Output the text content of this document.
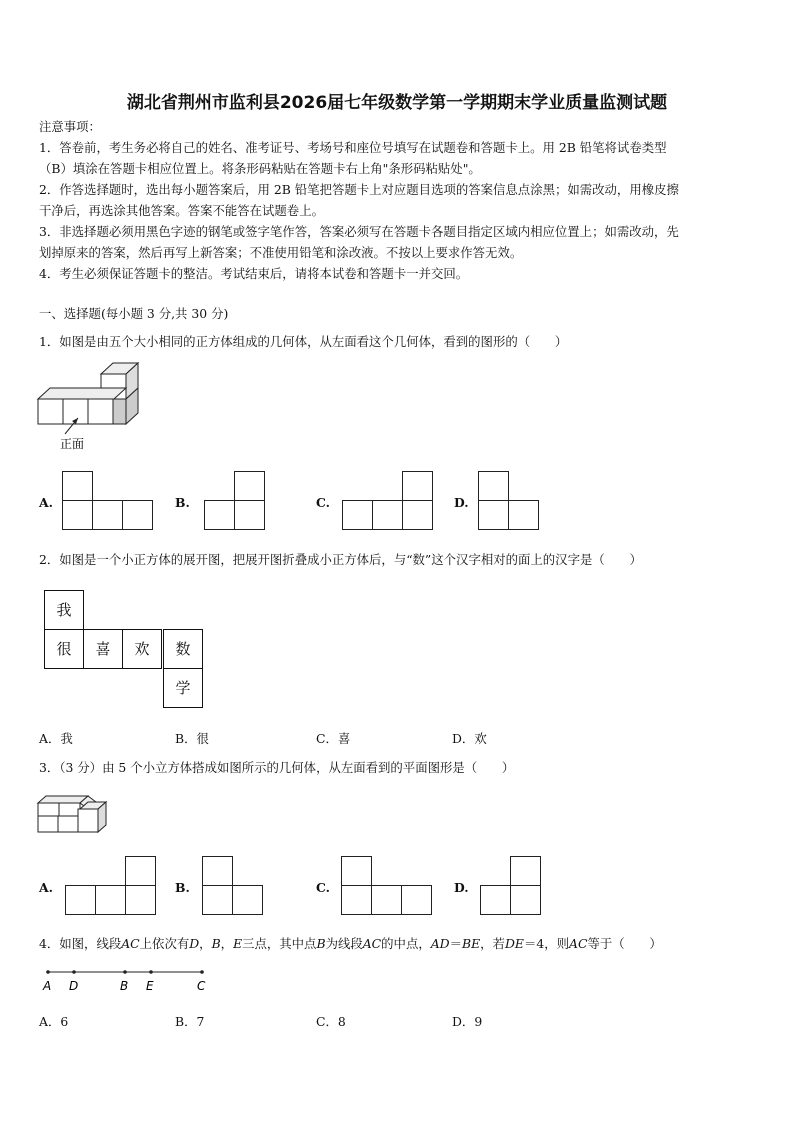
湖北省荆州市监利县2026届七年级数学第一学期期末学业质量监测试题
注意事项：
1．答卷前，考生务必将自己的姓名、准考证号、考场号和座位号填写在试题卷和答题卡上。用 2B 铅笔将试卷类型
（B）填涂在答题卡相应位置上。将条形码粘贴在答题卡右上角"条形码粘贴处"。
2．作答选择题时，选出每小题答案后，用 2B 铅笔把答题卡上对应题目选项的答案信息点涂黑；如需改动，用橡皮擦
干净后，再选涂其他答案。答案不能答在试题卷上。
3．非选择题必须用黑色字迹的钢笔或签字笔作答，答案必须写在答题卡各题目指定区域内相应位置上；如需改动，先
划掉原来的答案，然后再写上新答案；不准使用铅笔和涂改液。不按以上要求作答无效。
4．考生必须保证答题卡的整洁。考试结束后，请将本试卷和答题卡一并交回。
一、选择题(每小题 3 分,共 30 分)
1．如图是由五个大小相同的正方体组成的几何体，从左面看这个几何体，看到的图形的（　　）
正面
A.	B.	C.	D.
2．如图是一个小正方体的展开图，把展开图折叠成小正方体后，与“数”这个汉字相对的面上的汉字是（　　）
我
很	喜	欢	数
学
A．我	B．很	C．喜	D．欢
3．（3 分）由 5 个小立方体搭成如图所示的几何体，从左面看到的平面图形是（　　）
A.	B.	C.	D.
4．如图，线段AC上依次有D，B，E三点，其中点B为线段AC的中点，AD＝BE，若DE＝4，则AC等于（　　）
A D	B E	C
A．6	B．7	C．8	D．9
